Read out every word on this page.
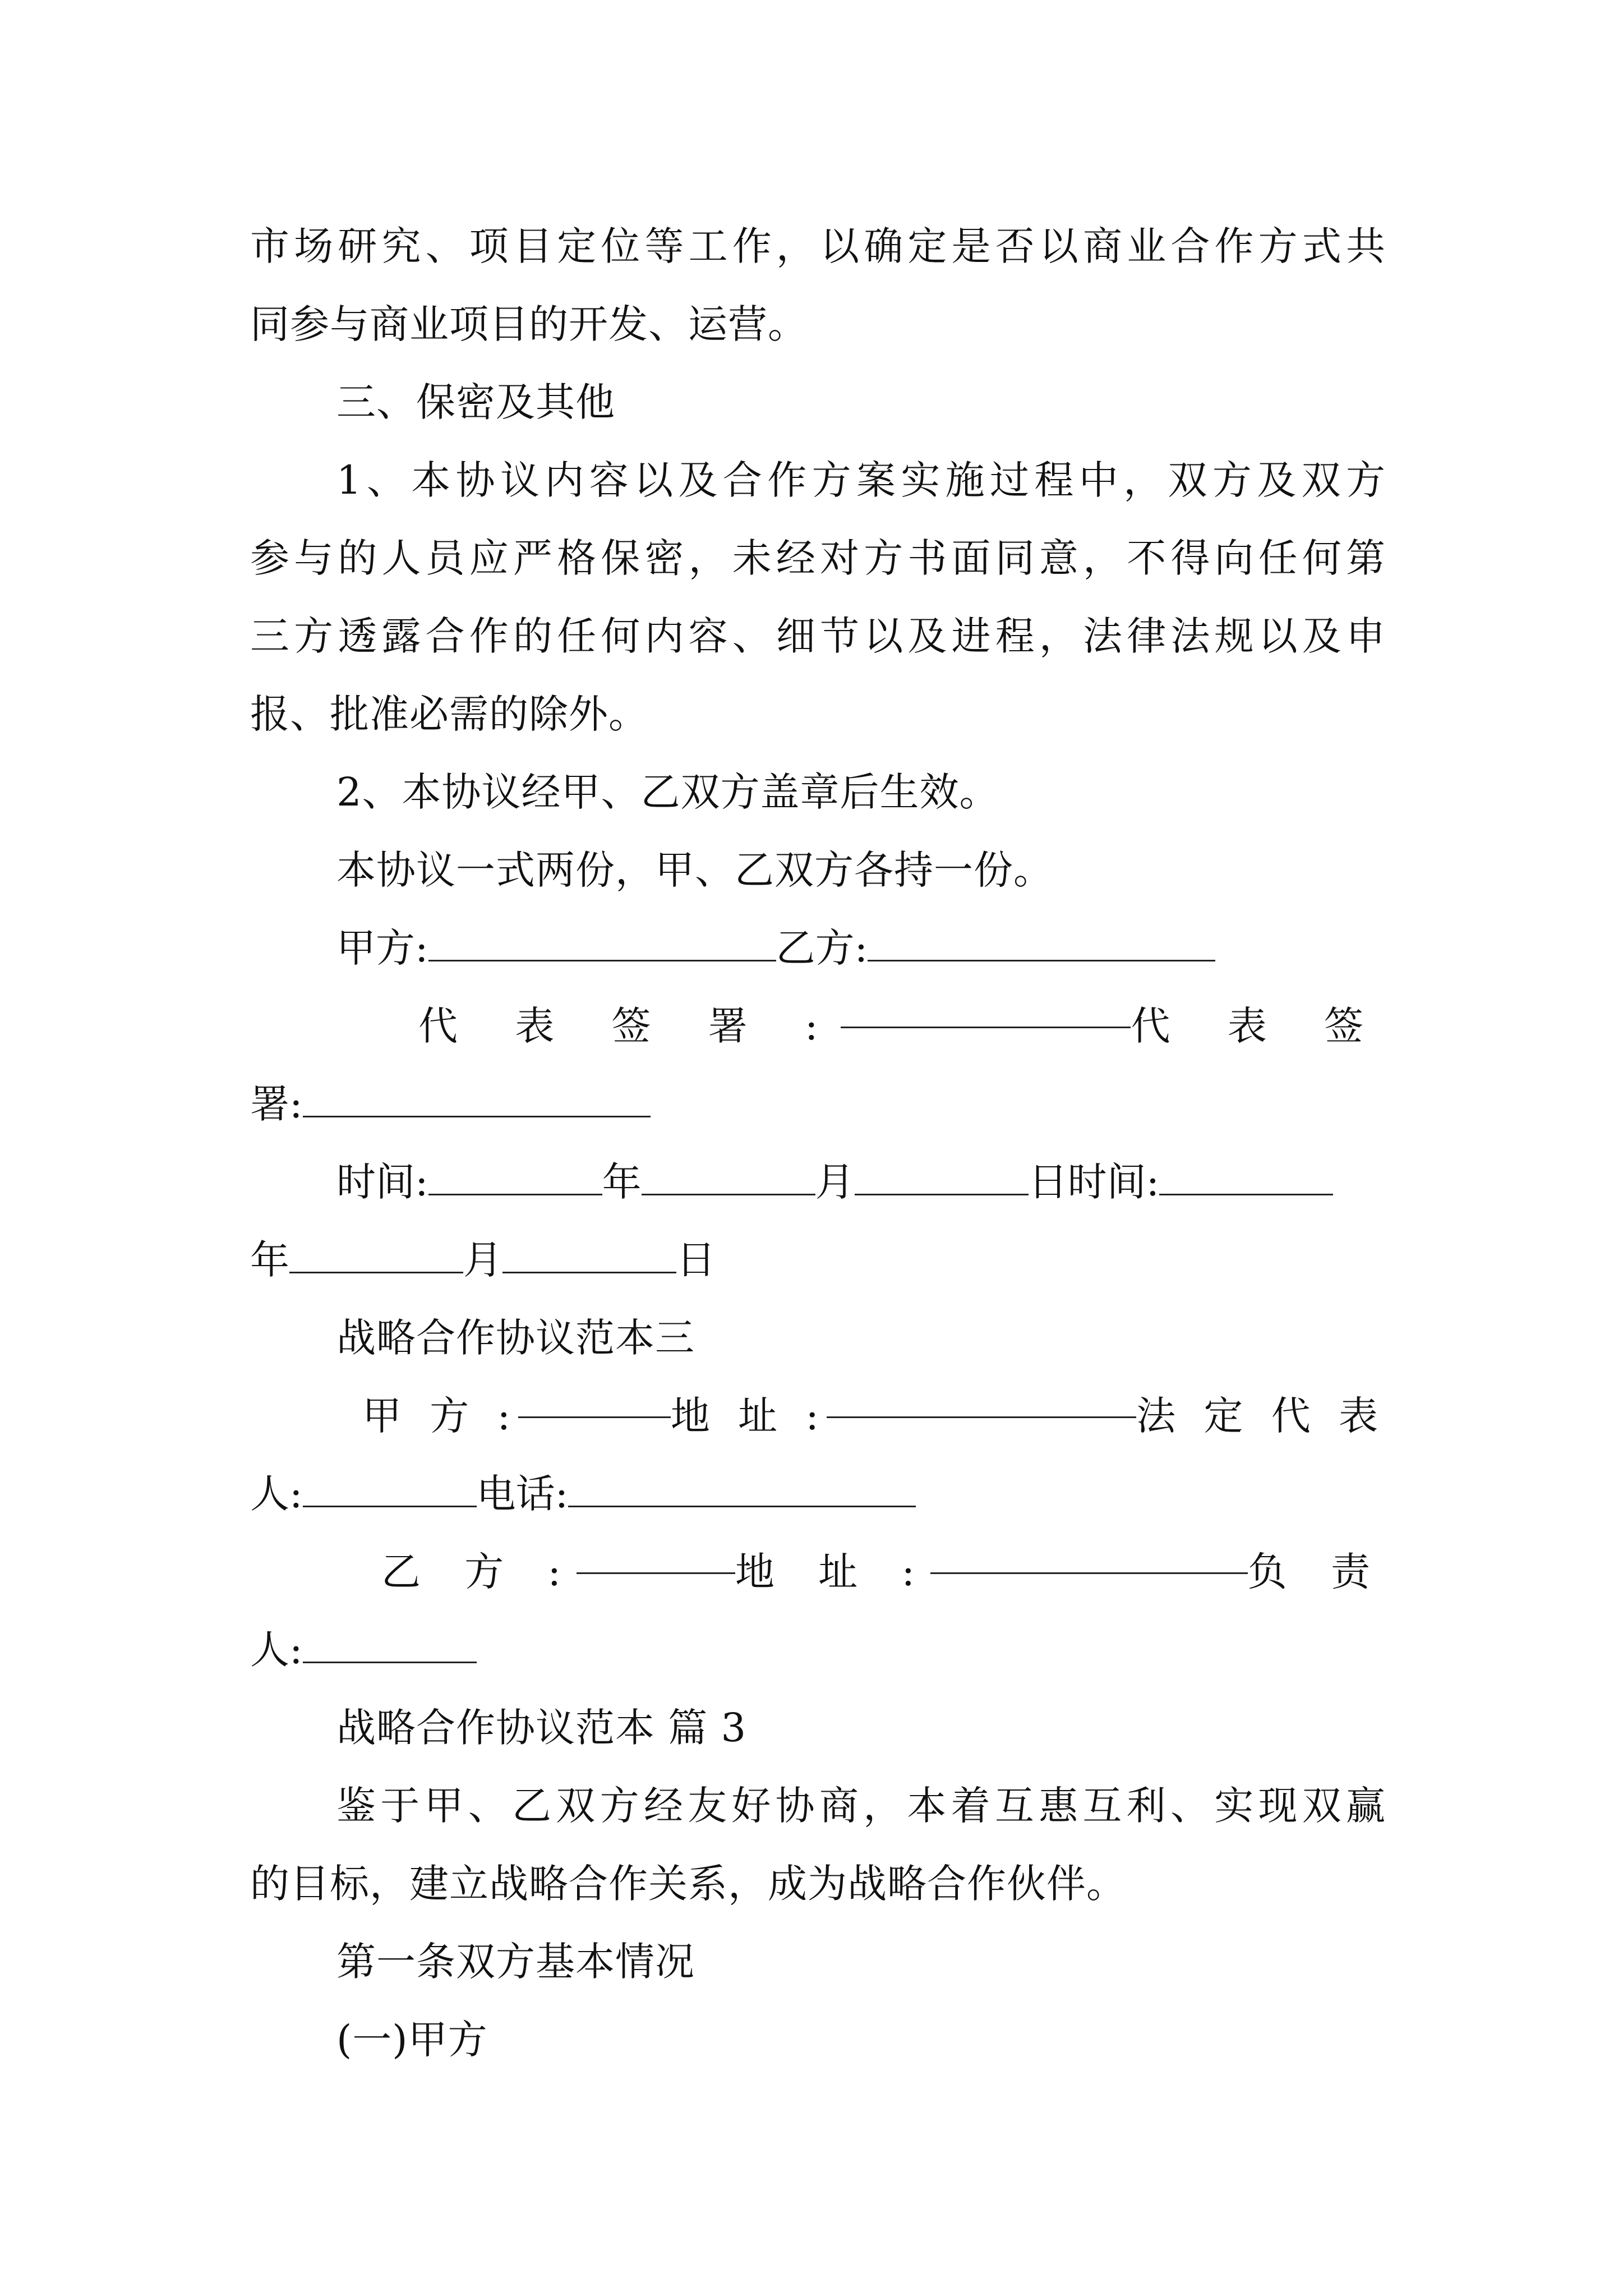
市场研究、项目定位等工作，以确定是否以商业合作方式共
同参与商业项目的开发、运营。
三、保密及其他
1、本协议内容以及合作方案实施过程中，双方及双方
参与的人员应严格保密，未经对方书面同意，不得向任何第
三方透露合作的任何内容、细节以及进程，法律法规以及申
报、批准必需的除外。
2、本协议经甲、乙双方盖章后生效。
本协议一式两份，甲、乙双方各持一份。
甲方:	乙方:
代 表 签 署 :	代 表 签
署:
时间:	年	月	日时间:
年	月	日
战略合作协议范本三
甲 方 :	地 址 :	法 定 代 表
人:	电话:
乙 方 :	地 址 :	负 责
人:
战略合作协议范本 篇 3
鉴于甲、乙双方经友好协商，本着互惠互利、实现双赢
的目标，建立战略合作关系，成为战略合作伙伴。
第一条双方基本情况
(一)甲方
